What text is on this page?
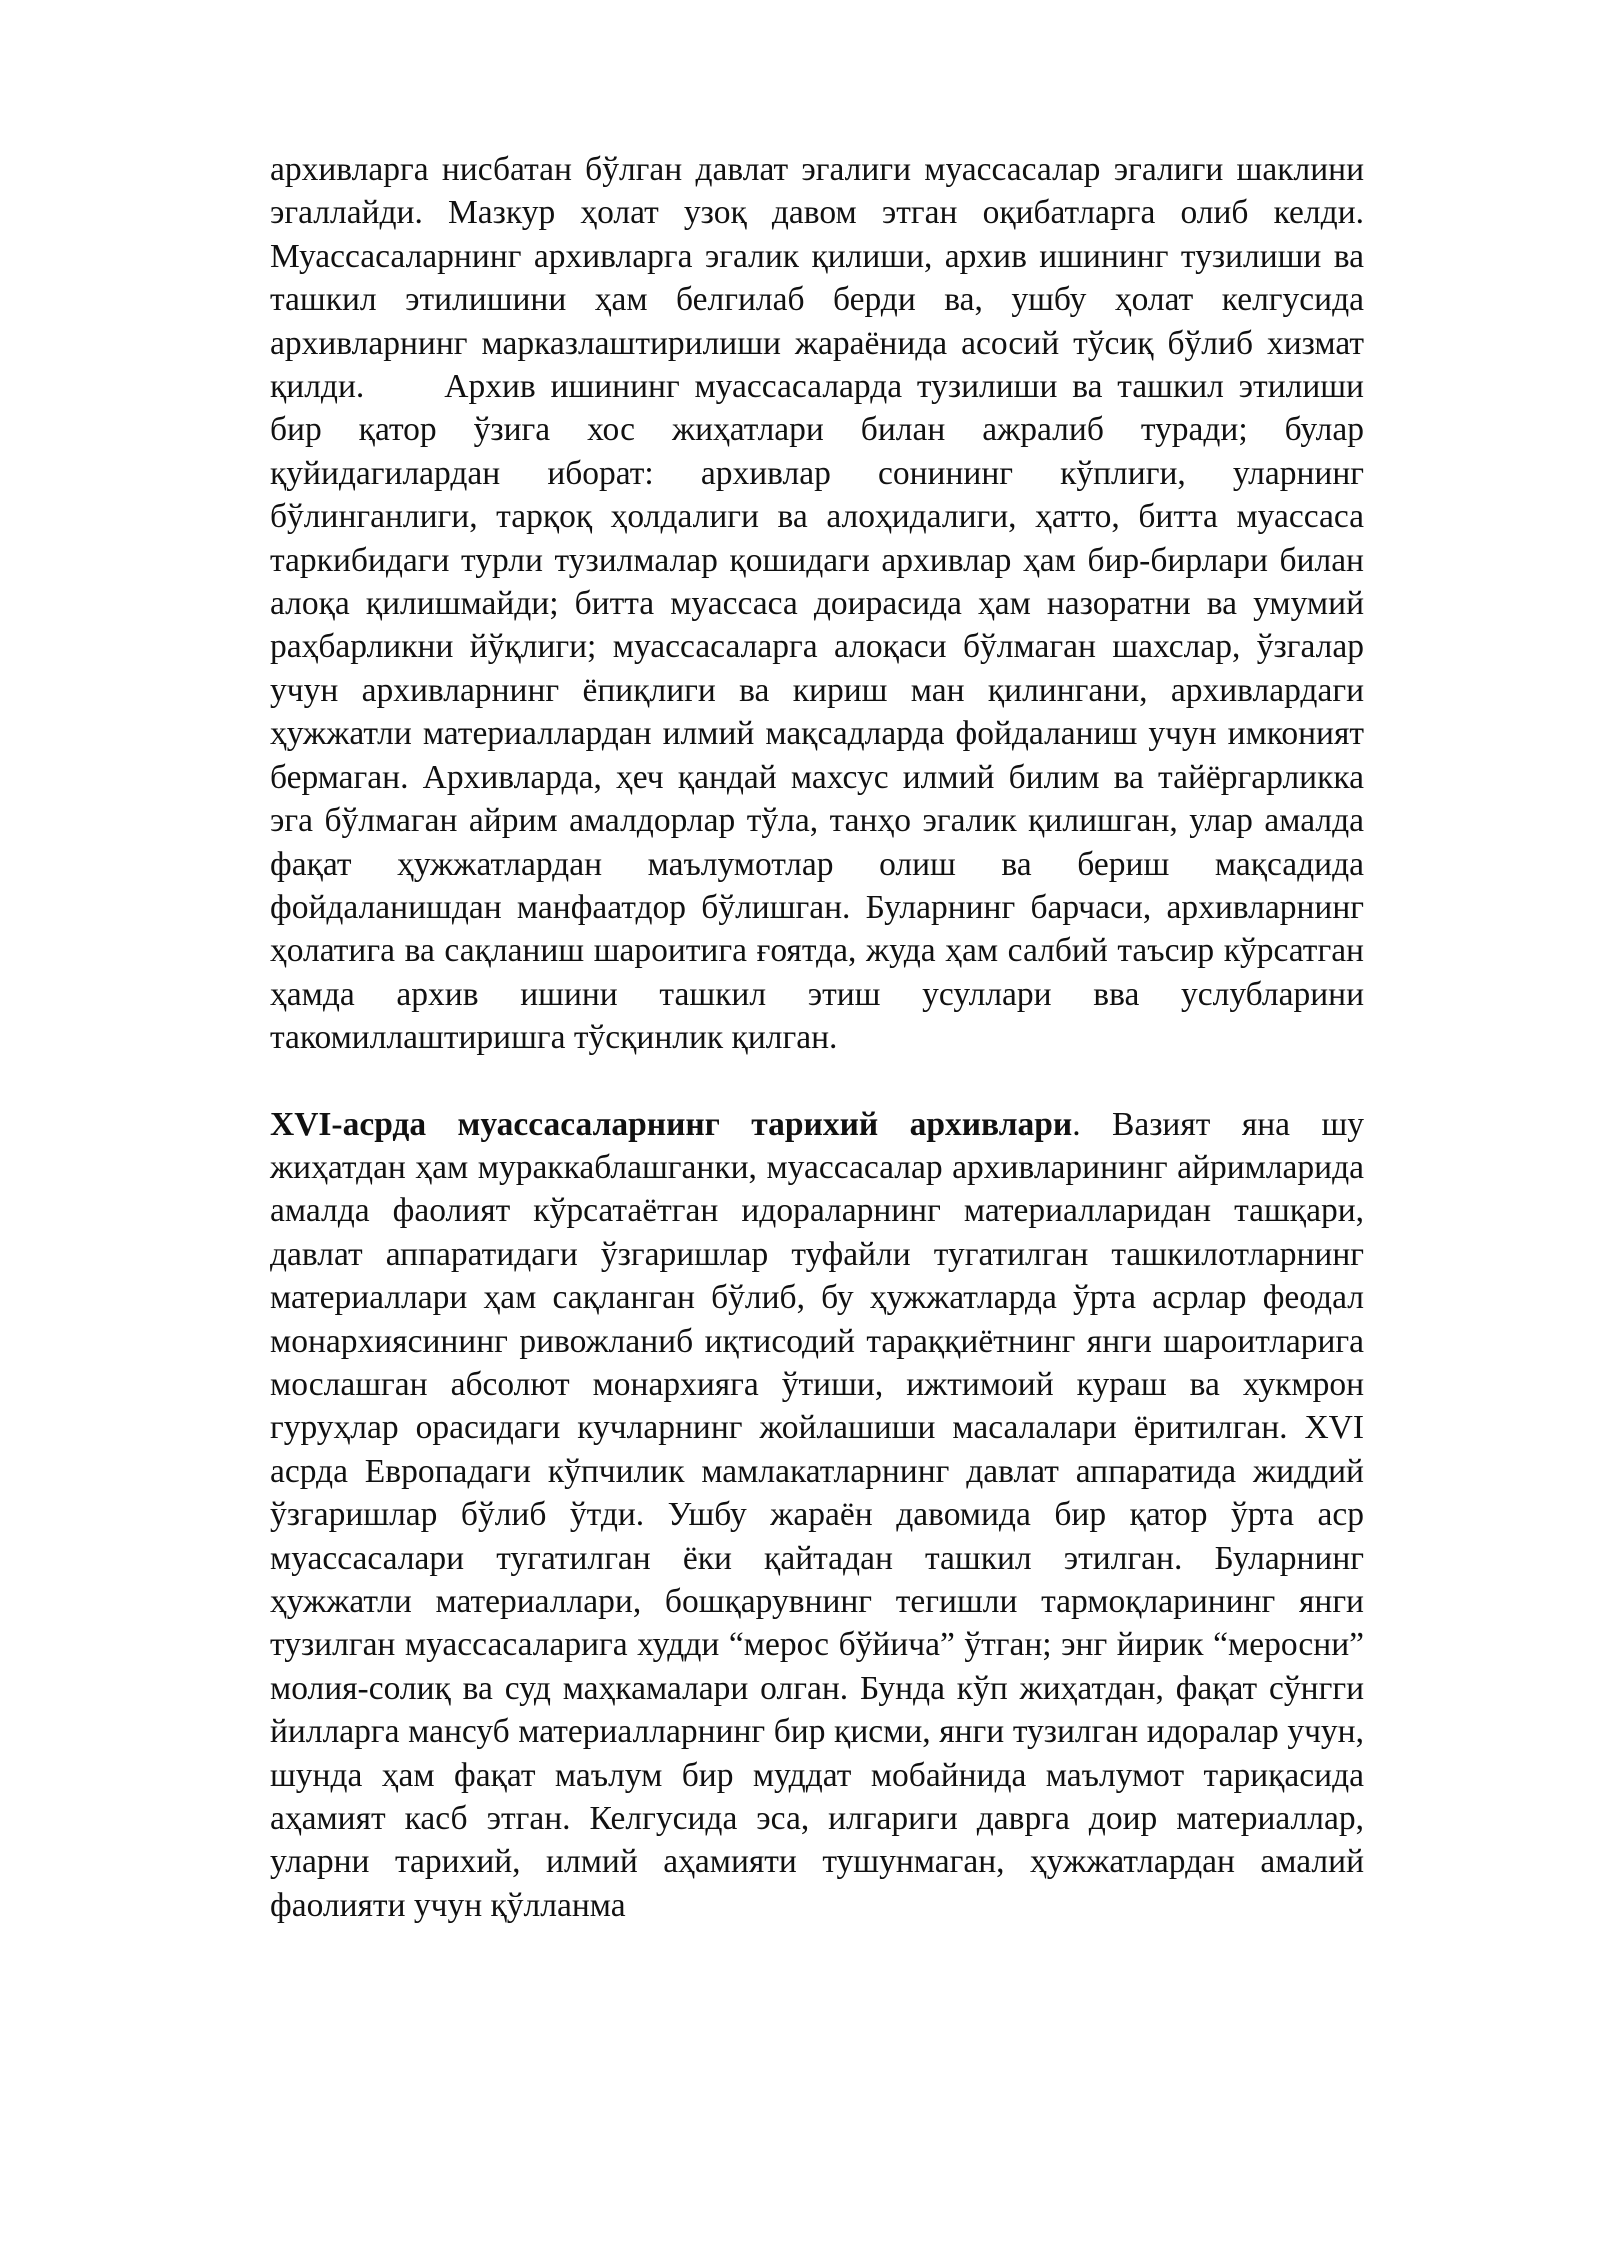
архивларга нисбатан бўлган давлат эгалиги муассасалар эгалиги шаклини эгаллайди. Мазкур ҳолат узоқ давом этган оқибатларга олиб келди. Муассасаларнинг архивларга эгалик қилиши, архив ишининг тузилиши ва ташкил этилишини ҳам белгилаб берди ва, ушбу ҳолат келгусида архивларнинг марказлаштирилиши жараёнида асосий тўсиқ бўлиб хизмат қилди. Архив ишининг муассасаларда тузилиши ва ташкил этилиши бир қатор ўзига хос жиҳатлари билан ажралиб туради; булар қуйидагилардан иборат: архивлар сонининг кўплиги, уларнинг бўлинганлиги, тарқоқ ҳолдалиги ва алоҳидалиги, ҳатто, битта муассаса таркибидаги турли тузилмалар қошидаги архивлар ҳам бир-бирлари билан алоқа қилишмайди; битта муассаса доирасида ҳам назоратни ва умумий раҳбарликни йўқлиги; муассасаларга алоқаси бўлмаган шахслар, ўзгалар учун архивларнинг ёпиқлиги ва кириш ман қилингани, архивлардаги ҳужжатли материаллардан илмий мақсадларда фойдаланиш учун имконият бермаган. Архивларда, ҳеч қандай махсус илмий билим ва тайёргарликка эга бўлмаган айрим амалдорлар тўла, танҳо эгалик қилишган, улар амалда фақат ҳужжатлардан маълумотлар олиш ва бериш мақсадида фойдаланишдан манфаатдор бўлишган. Буларнинг барчаси, архивларнинг ҳолатига ва сақланиш шароитига ғоятда, жуда ҳам салбий таъсир кўрсатган ҳамда архив ишини ташкил этиш усуллари вва услубларини такомиллаштиришга тўсқинлик қилган.

XVI-асрда муассасаларнинг тарихий архивлари. Вазият яна шу жиҳатдан ҳам мураккаблашганки, муассасалар архивларининг айримларида амалда фаолият кўрсатаётган идораларнинг материалларидан ташқари, давлат аппаратидаги ўзгаришлар туфайли тугатилган ташкилотларнинг материаллари ҳам сақланган бўлиб, бу ҳужжатларда ўрта асрлар феодал монархиясининг ривожланиб иқтисодий тараққиётнинг янги шароитларига мослашган абсолют монархияга ўтиши, ижтимоий кураш ва хукмрон гуруҳлар орасидаги кучларнинг жойлашиши масалалари ёритилган. XVI асрда Европадаги кўпчилик мамлакатларнинг давлат аппаратида жиддий ўзгаришлар бўлиб ўтди. Ушбу жараён давомида бир қатор ўрта аср муассасалари тугатилган ёки қайтадан ташкил этилган. Буларнинг ҳужжатли материаллари, бошқарувнинг тегишли тармоқларининг янги тузилган муассасаларига худди “мерос бўйича” ўтган; энг йирик “меросни” молия-солиқ ва суд маҳкамалари олган. Бунда кўп жиҳатдан, фақат сўнгги йилларга мансуб материалларнинг бир қисми, янги тузилган идоралар учун, шунда ҳам фақат маълум бир муддат мобайнида маълумот тариқасида аҳамият касб этган. Келгусида эса, илгариги даврга доир материаллар, уларни тарихий, илмий аҳамияти тушунмаган, ҳужжатлардан амалий фаолияти учун қўлланма
